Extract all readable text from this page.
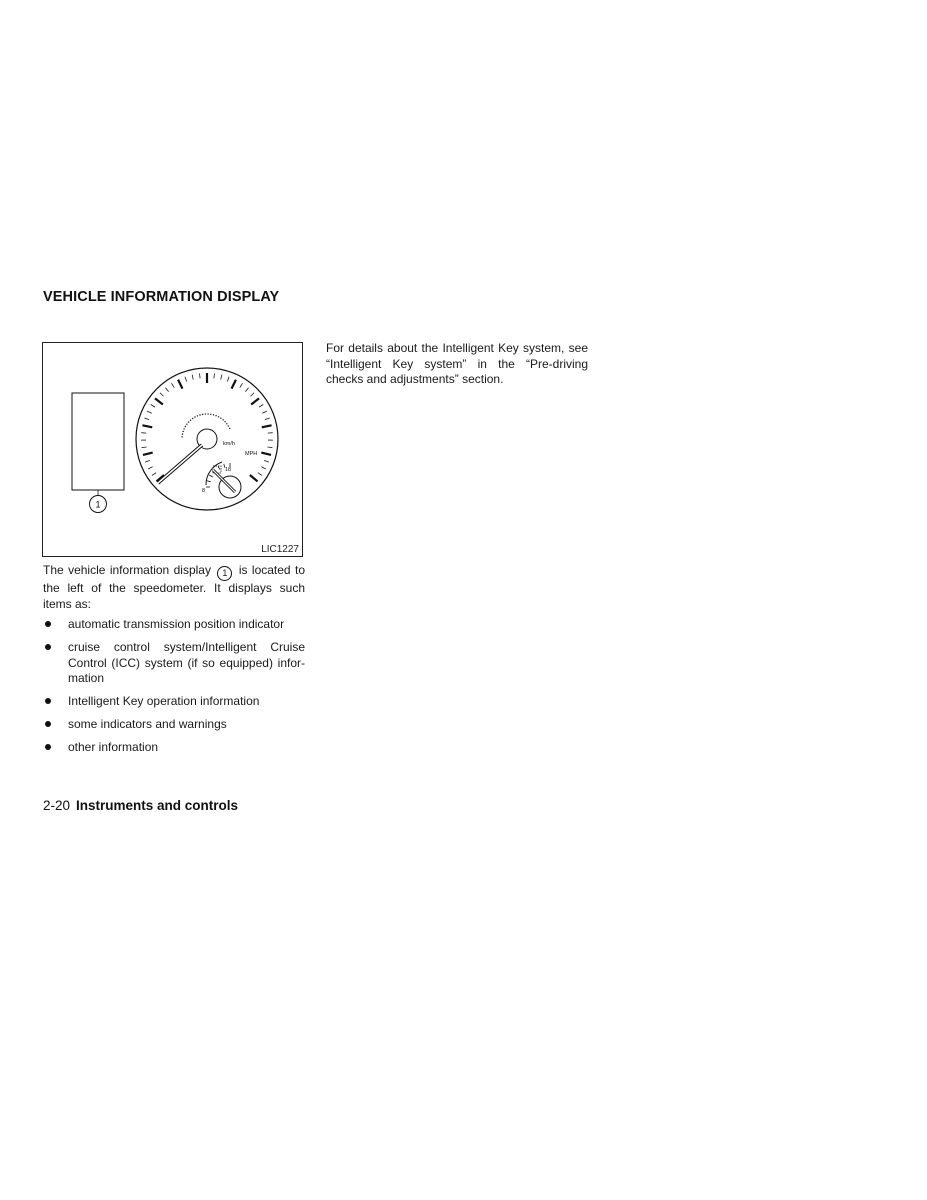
VEHICLE INFORMATION DISPLAY
1
km/h
MPH
18
8
LIC1227
The vehicle information display 1 is located to the left of the speedometer. It displays such items as:
automatic transmission position indicator
cruise control system/Intelligent Cruise Control (ICC) system (if so equipped) infor-mation
Intelligent Key operation information
some indicators and warnings
other information
For details about the Intelligent Key system, see “Intelligent Key system” in the “Pre-driving checks and adjustments” section.
2-20 Instruments and controls
